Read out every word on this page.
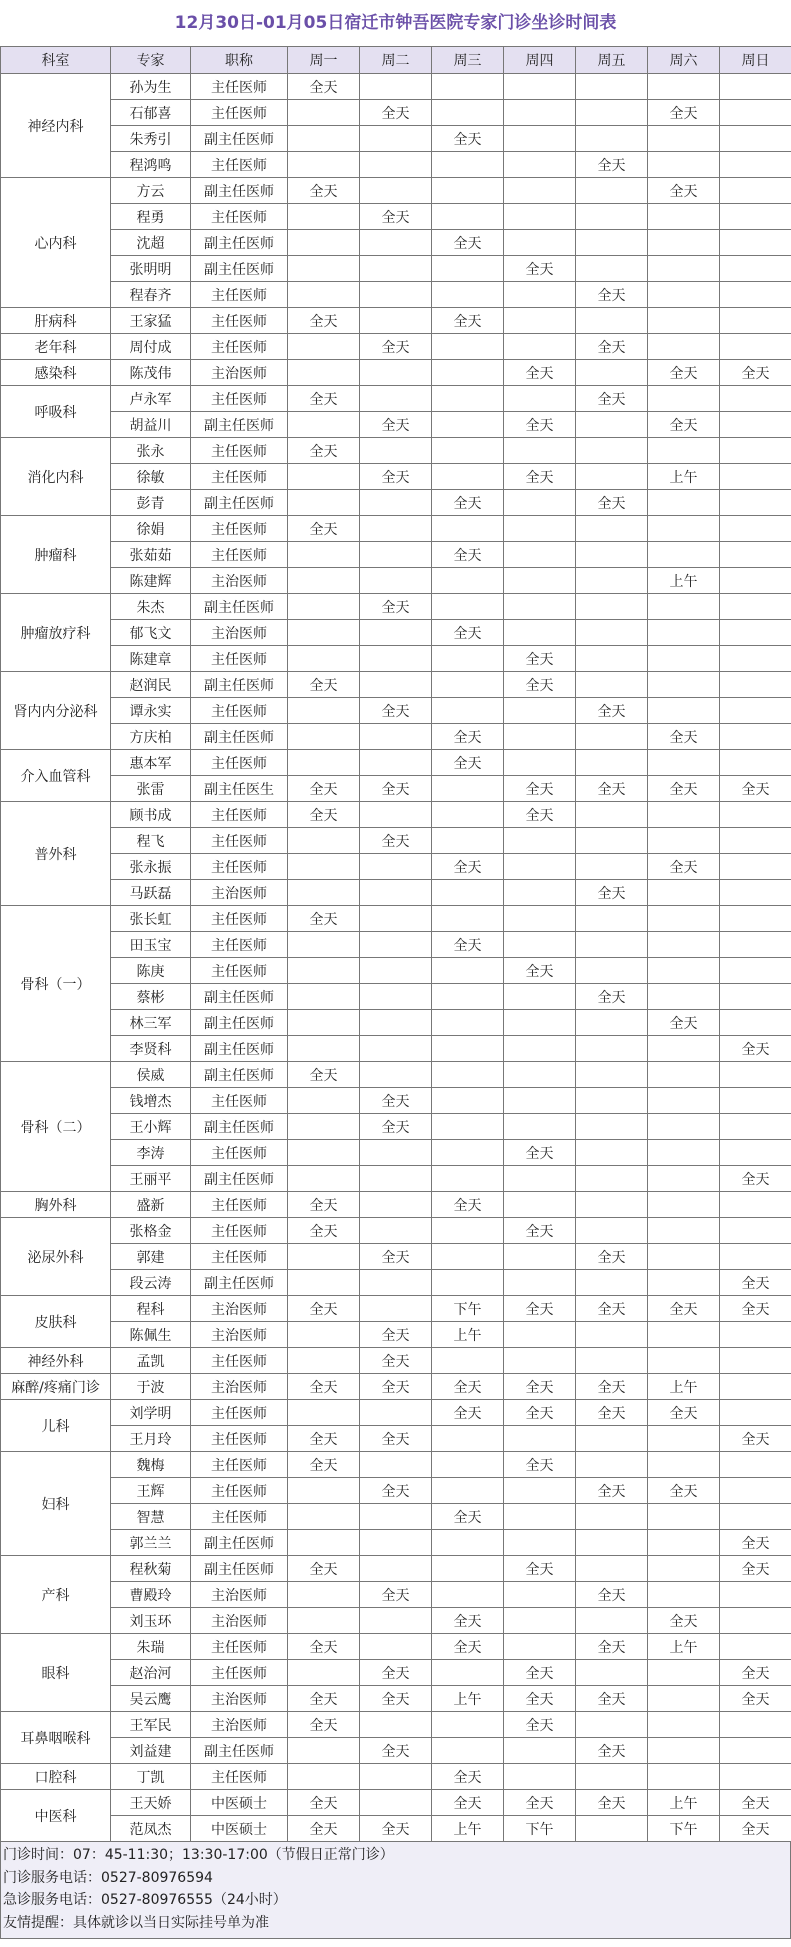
12月30日-01月05日宿迁市钟吾医院专家门诊坐诊时间表
科室	专家	职称	周一	周二	周三	周四	周五	周六	周日
神经内科	孙为生	主任医师	全天						
	石郁喜	主任医师		全天				全天	
	朱秀引	副主任医师			全天				
	程鸿鸣	主任医师					全天		
心内科	方云	副主任医师	全天					全天	
	程勇	主任医师		全天					
	沈超	副主任医师			全天				
	张明明	副主任医师				全天			
	程春齐	主任医师					全天		
肝病科	王家猛	主任医师	全天		全天				
老年科	周付成	主任医师		全天			全天		
感染科	陈茂伟	主治医师				全天		全天	全天
呼吸科	卢永军	主任医师	全天				全天		
	胡益川	副主任医师		全天		全天		全天	
消化内科	张永	主任医师	全天						
	徐敏	主任医师		全天		全天		上午	
	彭青	副主任医师			全天		全天		
肿瘤科	徐娟	主任医师	全天						
	张茹茹	主任医师			全天				
	陈建辉	主治医师						上午	
肿瘤放疗科	朱杰	副主任医师		全天					
	郁飞文	主治医师			全天				
	陈建章	主任医师				全天			
肾内内分泌科	赵润民	副主任医师	全天			全天			
	谭永实	主任医师		全天			全天		
	方庆柏	副主任医师			全天			全天	
介入血管科	惠本军	主任医师			全天				
	张雷	副主任医生	全天	全天		全天	全天	全天	全天
普外科	顾书成	主任医师	全天			全天			
	程飞	主任医师		全天					
	张永振	主任医师			全天			全天	
	马跃磊	主治医师					全天		
骨科（一）	张长虹	主任医师	全天						
	田玉宝	主任医师			全天				
	陈庚	主任医师				全天			
	蔡彬	副主任医师					全天		
	林三军	副主任医师						全天	
	李贤科	副主任医师							全天
骨科（二）	侯威	副主任医师	全天						
	钱增杰	主任医师		全天					
	王小辉	副主任医师		全天					
	李涛	主任医师				全天			
	王丽平	副主任医师							全天
胸外科	盛新	主任医师	全天		全天				
泌尿外科	张格金	主任医师	全天			全天			
	郭建	主任医师		全天			全天		
	段云涛	副主任医师							全天
皮肤科	程科	主治医师	全天		下午	全天	全天	全天	全天
	陈佩生	主治医师		全天	上午				
神经外科	孟凯	主任医师		全天					
麻醉/疼痛门诊	于波	主治医师	全天	全天	全天	全天	全天	上午	
儿科	刘学明	主任医师			全天	全天	全天	全天	
	王月玲	主任医师	全天	全天					全天
妇科	魏梅	主任医师	全天			全天			
	王辉	主任医师		全天			全天	全天	
	智慧	主任医师			全天				
	郭兰兰	副主任医师							全天
产科	程秋菊	副主任医师	全天			全天			全天
	曹殿玲	主治医师		全天			全天		
	刘玉环	主治医师			全天			全天	
眼科	朱瑞	主任医师	全天		全天		全天	上午	
	赵治河	主任医师		全天		全天			全天
	吴云鹰	主治医师	全天	全天	上午	全天	全天		全天
耳鼻咽喉科	王军民	主治医师	全天			全天			
	刘益建	副主任医师		全天			全天		
口腔科	丁凯	主任医师			全天				
中医科	王天娇	中医硕士	全天		全天	全天	全天	上午	全天
	范凤杰	中医硕士	全天	全天	上午	下午		下午	全天
门诊时间：07：45-11:30；13:30-17:00（节假日正常门诊）
门诊服务电话：0527-80976594
急诊服务电话：0527-80976555（24小时）
友情提醒：具体就诊以当日实际挂号单为准
